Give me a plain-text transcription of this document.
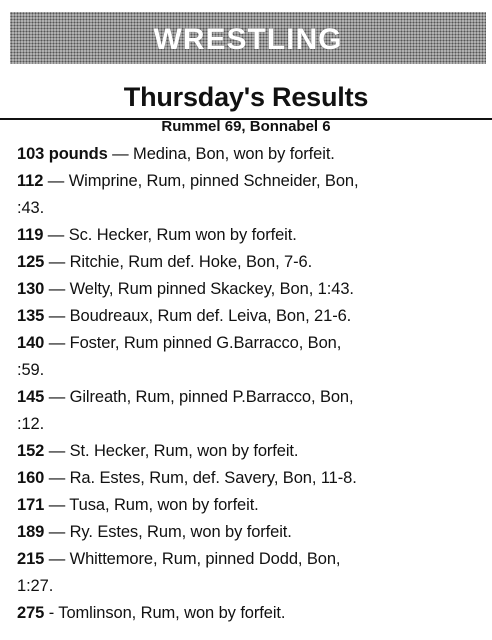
WRESTLING
Thursday's Results
Rummel 69, Bonnabel 6
103 pounds — Medina, Bon, won by forfeit.
112 — Wimprine, Rum, pinned Schneider, Bon,
:43.
119 — Sc. Hecker, Rum won by forfeit.
125 — Ritchie, Rum def. Hoke, Bon, 7-6.
130 — Welty, Rum pinned Skackey, Bon, 1:43.
135 — Boudreaux, Rum def. Leiva, Bon, 21-6.
140 — Foster, Rum pinned G.Barracco, Bon,
:59.
145 — Gilreath, Rum, pinned P.Barracco, Bon,
:12.
152 — St. Hecker, Rum, won by forfeit.
160 — Ra. Estes, Rum, def. Savery, Bon, 11-8.
171 — Tusa, Rum, won by forfeit.
189 — Ry. Estes, Rum, won by forfeit.
215 — Whittemore, Rum, pinned Dodd, Bon,
1:27.
275 - Tomlinson, Rum, won by forfeit.
